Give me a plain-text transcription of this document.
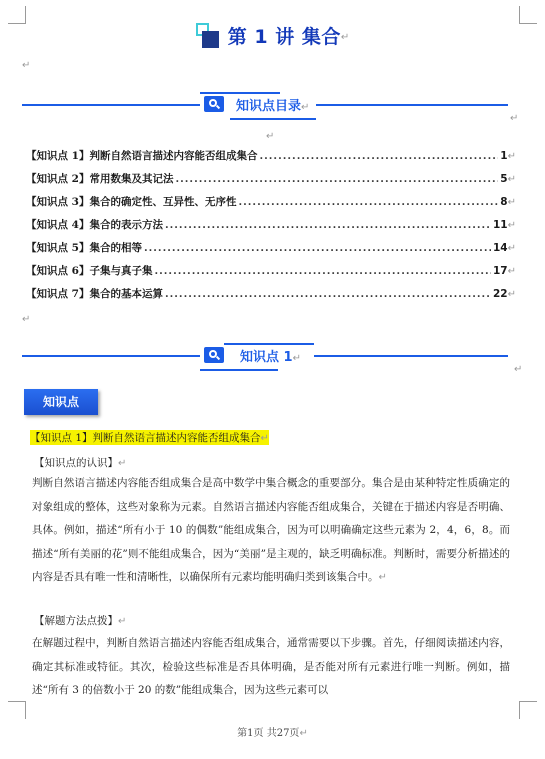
第 1 讲 集合↵
↵
知识点目录↵
↵
↵
【知识点 1】判断自然语言描述内容能否组成集合 .....	1 ↵
【知识点 2】常用数集及其记法 .....	5 ↵
【知识点 3】集合的确定性、互异性、无序性 .....	8 ↵
【知识点 4】集合的表示方法 .....	11 ↵
【知识点 5】集合的相等 .....	14 ↵
【知识点 6】子集与真子集 .....	17 ↵
【知识点 7】集合的基本运算 .....	22 ↵
↵
知识点 1↵
↵
知识点
【知识点 1】判断自然语言描述内容能否组成集合↵
【知识点的认识】↵
判断自然语言描述内容能否组成集合是高中数学中集合概念的重要部分。集合是由某种特定性质确定的对象组成的整体，这些对象称为元素。自然语言描述内容能否组成集合，关键在于描述内容是否明确、具体。例如，描述“所有小于 10 的偶数”能组成集合，因为可以明确确定这些元素为 2，4，6，8。而描述“所有美丽的花”则不能组成集合，因为“美丽”是主观的，缺乏明确标准。判断时，需要分析描述的内容是否具有唯一性和清晰性，以确保所有元素均能明确归类到该集合中。↵
【解题方法点拨】↵
在解题过程中，判断自然语言描述内容能否组成集合，通常需要以下步骤。首先，仔细阅读描述内容，确定其标准或特征。其次，检验这些标准是否具体明确，是否能对所有元素进行唯一判断。例如，描述“所有 3 的倍数小于 20 的数”能组成集合，因为这些元素可以
第1页 共27页↵
